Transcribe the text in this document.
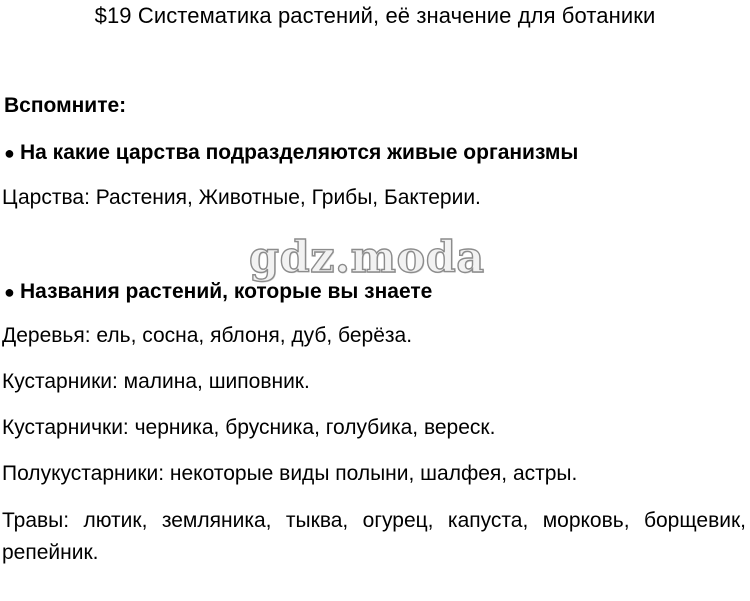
$19 Систематика растений, её значение для ботаники
Вспомните:
● На какие царства подразделяются живые организмы
Царства: Растения, Животные, Грибы, Бактерии.
gdz.moda
● Названия растений, которые вы знаете
Деревья: ель, сосна, яблоня, дуб, берёза.
Кустарники: малина, шиповник.
Кустарнички: черника, брусника, голубика, вереск.
Полукустарники: некоторые виды полыни, шалфея, астры.
Травы: лютик, земляника, тыква, огурец, капуста, морковь, борщевик, репейник.
